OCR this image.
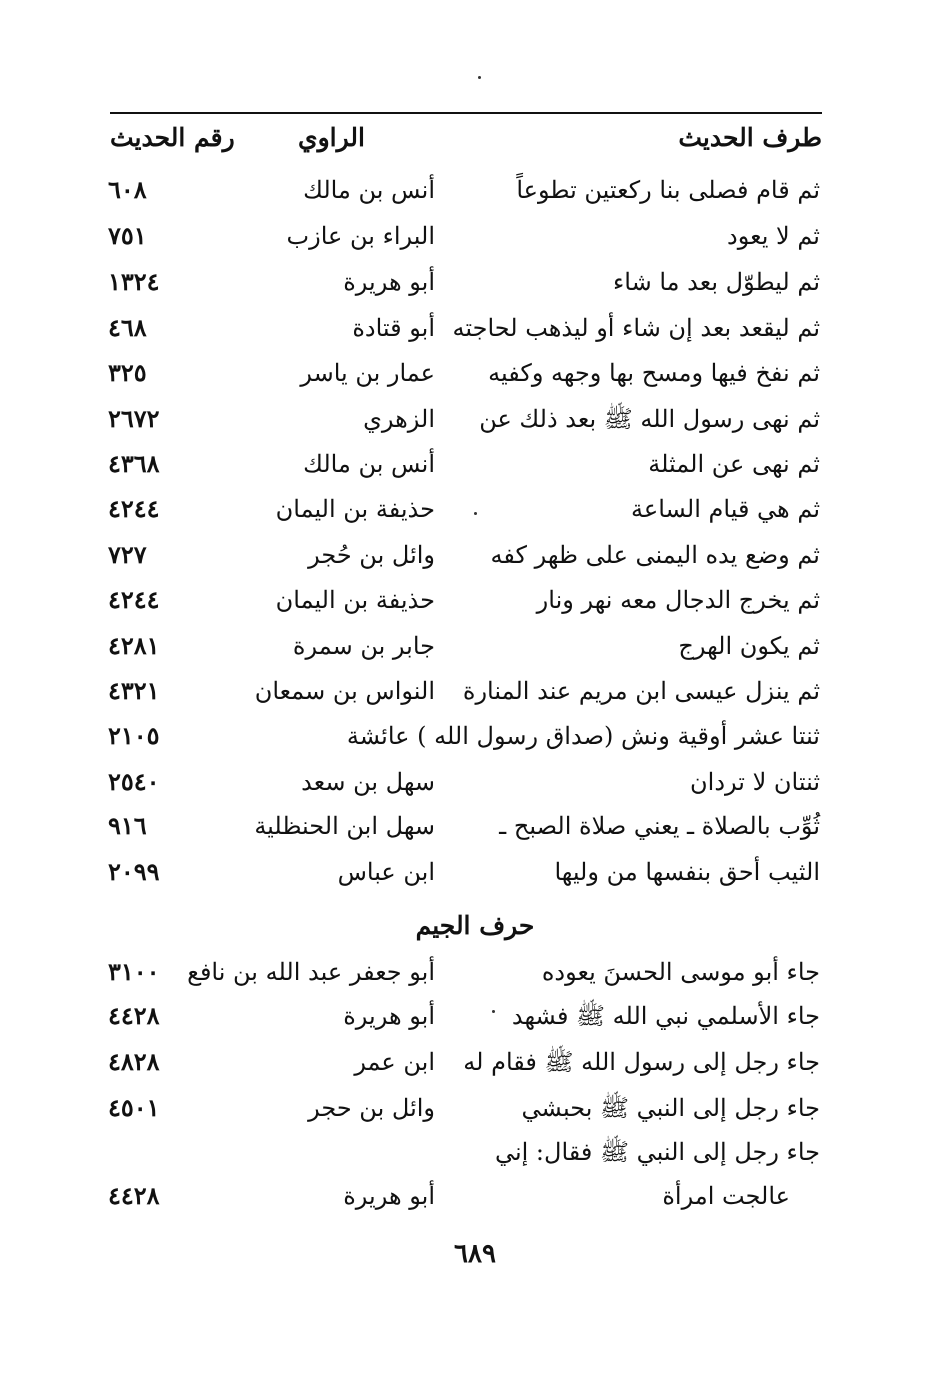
طرف الحديث
الراوي
رقم الحديث
ثم قام فصلى بنا ركعتين تطوعاً
أنس بن مالك
٦٠٨
ثم لا يعود
البراء بن عازب
٧٥١
ثم ليطوّل بعد ما شاء
أبو هريرة
١٣٢٤
ثم ليقعد بعد إن شاء أو ليذهب لحاجته
أبو قتادة
٤٦٨
ثم نفخ فيها ومسح بها وجهه وكفيه
عمار بن ياسر
٣٢٥
ثم نهى رسول الله ﷺ بعد ذلك عن
الزهري
٢٦٧٢
ثم نهى عن المثلة
أنس بن مالك
٤٣٦٨
ثم هي قيام الساعة
حذيفة بن اليمان
٤٢٤٤
ثم وضع يده اليمنى على ظهر كفه
وائل بن حُجر
٧٢٧
ثم يخرج الدجال معه نهر ونار
حذيفة بن اليمان
٤٢٤٤
ثم يكون الهرج
جابر بن سمرة
٤٢٨١
ثم ينزل عيسى ابن مريم عند المنارة
النواس بن سمعان
٤٣٢١
ثنتا عشر أوقية ونش (صداق رسول الله ) عائشة
٢١٠٥
ثنتان لا تردان
سهل بن سعد
٢٥٤٠
ثُوِّب بالصلاة ـ يعني صلاة الصبح ـ
سهل ابن الحنظلية
٩١٦
الثيب أحق بنفسها من وليها
ابن عباس
٢٠٩٩
حرف الجيم
جاء أبو موسى الحسنَ يعوده
أبو جعفر عبد الله بن نافع
٣١٠٠
جاء الأسلمي نبي الله ﷺ فشهد
أبو هريرة
٤٤٢٨
جاء رجل إلى رسول الله ﷺ فقام له
ابن عمر
٤٨٢٨
جاء رجل إلى النبي ﷺ بحبشي
وائل بن حجر
٤٥٠١
جاء رجل إلى النبي ﷺ فقال: إني
عالجت امرأة
أبو هريرة
٤٤٢٨
٦٨٩
